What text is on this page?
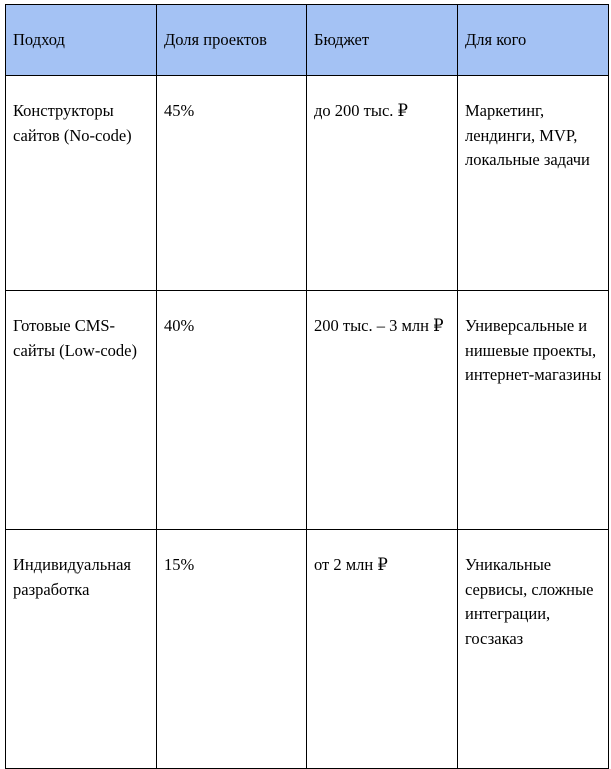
Подход	Доля проектов	Бюджет	Для кого

Конструкторы сайтов (No-code)	45%	до 200 тыс. ₽	Маркетинг, лендинги, MVP, локальные задачи

Готовые CMS-сайты (Low-code)	40%	200 тыс. – 3 млн ₽	Универсальные и нишевые проекты, интернет-магазины

Индивидуальная разработка	15%	от 2 млн ₽	Уникальные сервисы, сложные интеграции, госзаказ
